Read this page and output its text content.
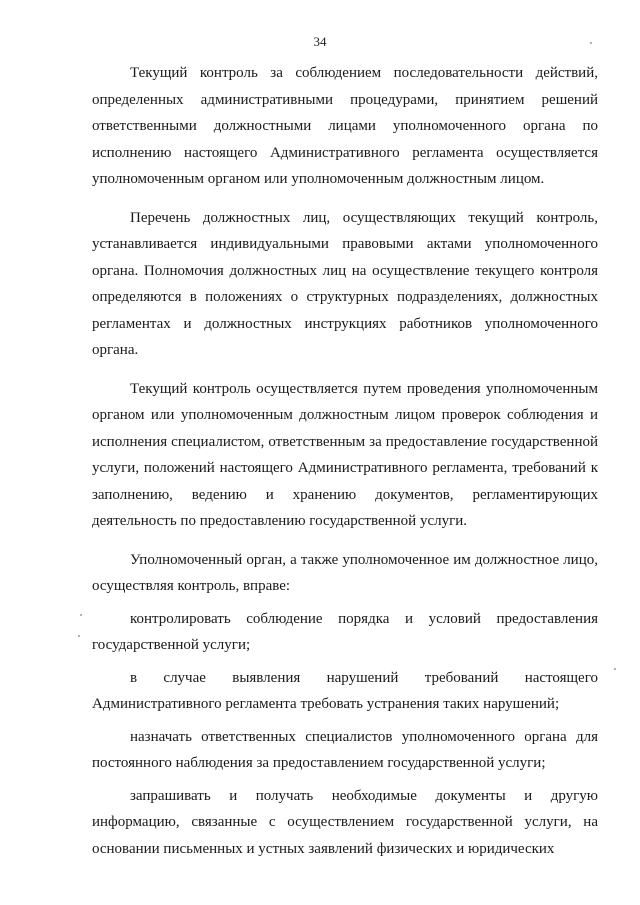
34

Текущий контроль за соблюдением последовательности действий, определенных административными процедурами, принятием решений ответственными должностными лицами уполномоченного органа по исполнению настоящего Административного регламента осуществляется уполномоченным органом или уполномоченным должностным лицом.

Перечень должностных лиц, осуществляющих текущий контроль, устанавливается индивидуальными правовыми актами уполномоченного органа. Полномочия должностных лиц на осуществление текущего контроля определяются в положениях о структурных подразделениях, должностных регламентах и должностных инструкциях работников уполномоченного органа.

Текущий контроль осуществляется путем проведения уполномоченным органом или уполномоченным должностным лицом проверок соблюдения и исполнения специалистом, ответственным за предоставление государственной услуги, положений настоящего Административного регламента, требований к заполнению, ведению и хранению документов, регламентирующих деятельность по предоставлению государственной услуги.

Уполномоченный орган, а также уполномоченное им должностное лицо, осуществляя контроль, вправе:

контролировать соблюдение порядка и условий предоставления государственной услуги;

в случае выявления нарушений требований настоящего Административного регламента требовать устранения таких нарушений;

назначать ответственных специалистов уполномоченного органа для постоянного наблюдения за предоставлением государственной услуги;

запрашивать и получать необходимые документы и другую информацию, связанные с осуществлением государственной услуги, на основании письменных и устных заявлений физических и юридических
